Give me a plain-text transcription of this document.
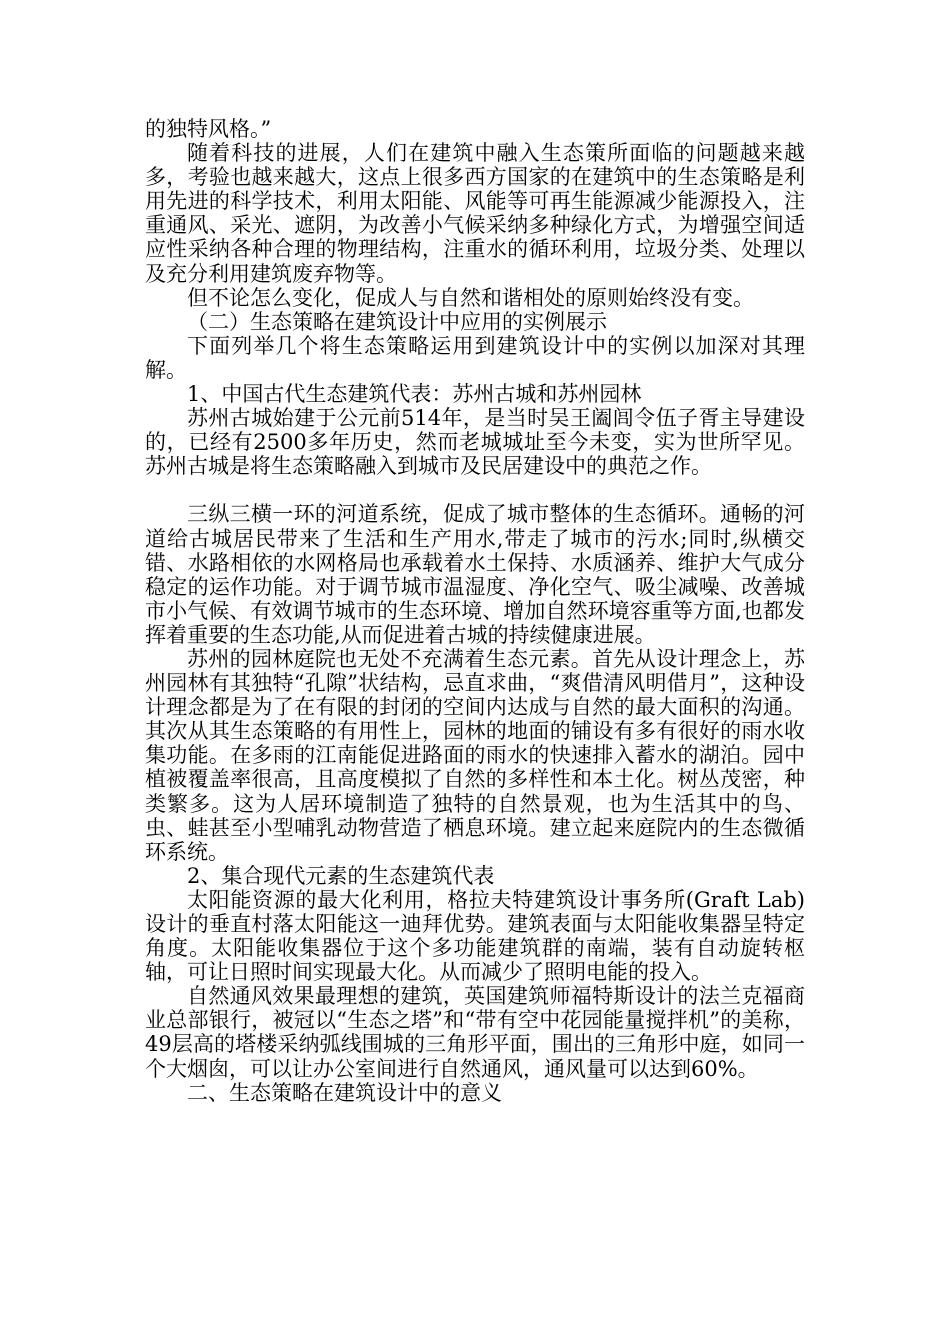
的独特风格。”

随着科技的进展，人们在建筑中融入生态策所面临的问题越来越多，考验也越来越大，这点上很多西方国家的在建筑中的生态策略是利用先进的科学技术，利用太阳能、风能等可再生能源减少能源投入，注重通风、采光、遮阴，为改善小气候采纳多种绿化方式，为增强空间适应性采纳各种合理的物理结构，注重水的循环利用，垃圾分类、处理以及充分利用建筑废弃物等。

但不论怎么变化，促成人与自然和谐相处的原则始终没有变。

（二）生态策略在建筑设计中应用的实例展示

下面列举几个将生态策略运用到建筑设计中的实例以加深对其理解。

1、中国古代生态建筑代表：苏州古城和苏州园林

苏州古城始建于公元前514年，是当时吴王阖闾令伍子胥主导建设的，已经有2500多年历史，然而老城城址至今未变，实为世所罕见。苏州古城是将生态策略融入到城市及民居建设中的典范之作。

三纵三横一环的河道系统，促成了城市整体的生态循环。通畅的河道给古城居民带来了生活和生产用水,带走了城市的污水;同时,纵横交错、水路相依的水网格局也承载着水土保持、水质涵养、维护大气成分稳定的运作功能。对于调节城市温湿度、净化空气、吸尘减噪、改善城市小气候、有效调节城市的生态环境、增加自然环境容重等方面,也都发挥着重要的生态功能,从而促进着古城的持续健康进展。

苏州的园林庭院也无处不充满着生态元素。首先从设计理念上，苏州园林有其独特“孔隙”状结构，忌直求曲，“爽借清风明借月”，这种设计理念都是为了在有限的封闭的空间内达成与自然的最大面积的沟通。其次从其生态策略的有用性上，园林的地面的铺设有多有很好的雨水收集功能。在多雨的江南能促进路面的雨水的快速排入蓄水的湖泊。园中植被覆盖率很高，且高度模拟了自然的多样性和本土化。树丛茂密，种类繁多。这为人居环境制造了独特的自然景观，也为生活其中的鸟、虫、蛙甚至小型哺乳动物营造了栖息环境。建立起来庭院内的生态微循环系统。

2、集合现代元素的生态建筑代表

太阳能资源的最大化利用，格拉夫特建筑设计事务所(Graft Lab)设计的垂直村落太阳能这一迪拜优势。建筑表面与太阳能收集器呈特定角度。太阳能收集器位于这个多功能建筑群的南端，装有自动旋转枢轴，可让日照时间实现最大化。从而减少了照明电能的投入。

自然通风效果最理想的建筑，英国建筑师福特斯设计的法兰克福商业总部银行，被冠以“生态之塔”和“带有空中花园能量搅拌机”的美称，49层高的塔楼采纳弧线围城的三角形平面，围出的三角形中庭，如同一个大烟囱，可以让办公室间进行自然通风，通风量可以达到60%。

二、生态策略在建筑设计中的意义
